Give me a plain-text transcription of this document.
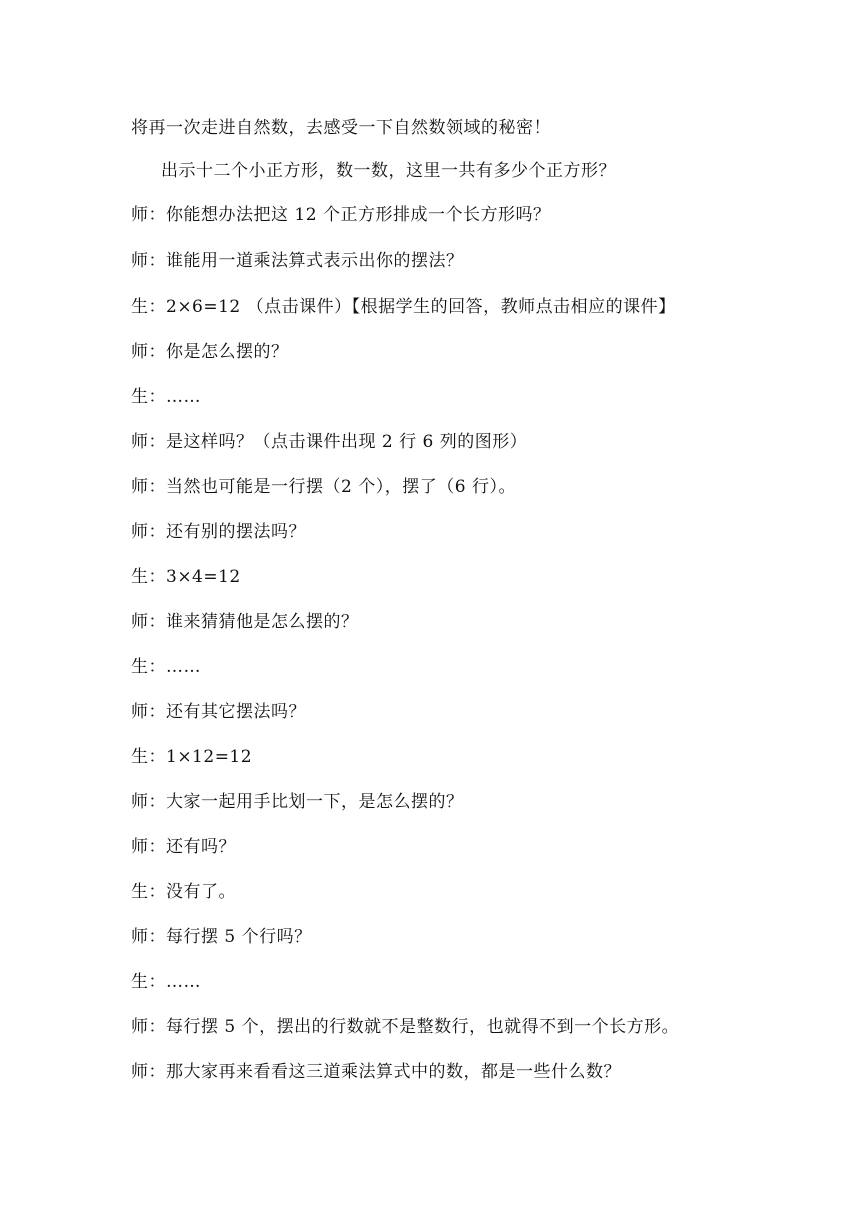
将再一次走进自然数，去感受一下自然数领域的秘密！
出示十二个小正方形，数一数，这里一共有多少个正方形？
师：你能想办法把这 12 个正方形排成一个长方形吗？
师：谁能用一道乘法算式表示出你的摆法？
生：2×6=12 （点击课件）【根据学生的回答，教师点击相应的课件】
师：你是怎么摆的？
生：……
师：是这样吗？（点击课件出现 2 行 6 列的图形）
师：当然也可能是一行摆（2 个），摆了（6 行）。
师：还有别的摆法吗？
生：3×4=12
师：谁来猜猜他是怎么摆的？
生：……
师：还有其它摆法吗？
生：1×12=12
师：大家一起用手比划一下，是怎么摆的？
师：还有吗？
生：没有了。
师：每行摆 5 个行吗？
生：……
师：每行摆 5 个，摆出的行数就不是整数行，也就得不到一个长方形。
师：那大家再来看看这三道乘法算式中的数，都是一些什么数？
